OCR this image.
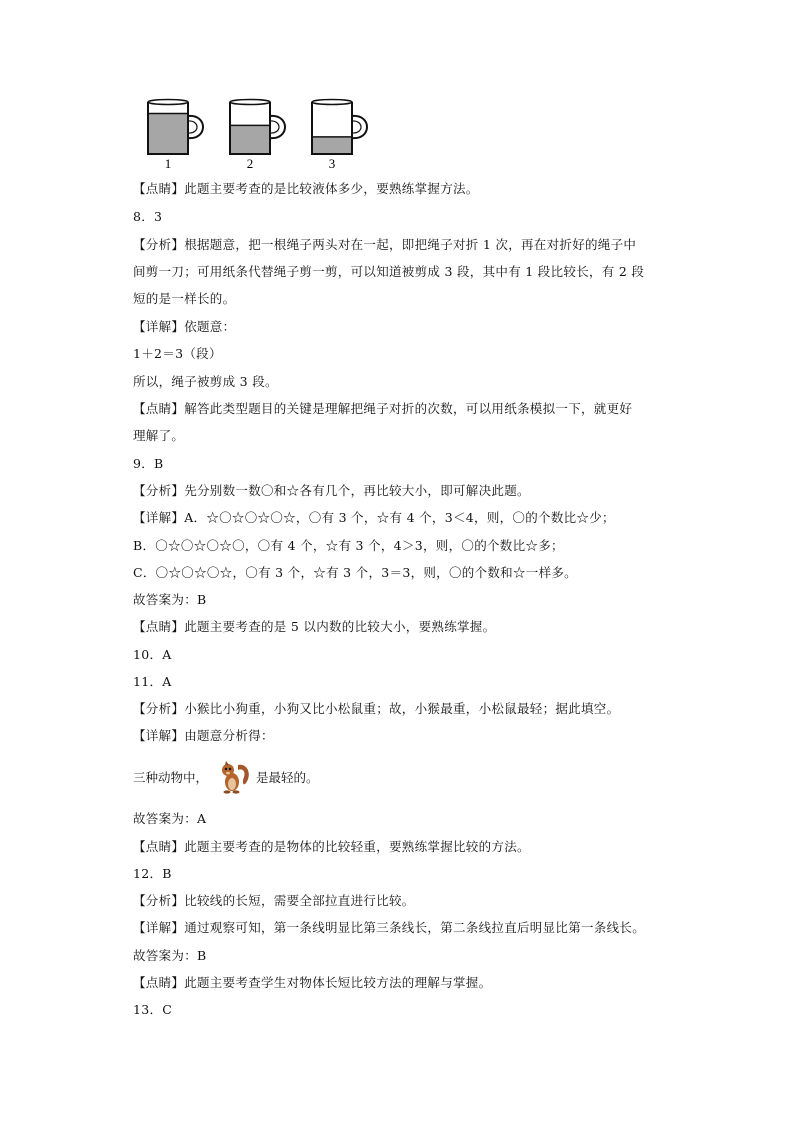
1	2	3
【点睛】此题主要考查的是比较液体多少，要熟练掌握方法。
8．3
【分析】根据题意，把一根绳子两头对在一起，即把绳子对折 1 次，再在对折好的绳子中
间剪一刀；可用纸条代替绳子剪一剪，可以知道被剪成 3 段，其中有 1 段比较长，有 2 段
短的是一样长的。
【详解】依题意：
1＋2＝3（段）
所以，绳子被剪成 3 段。
【点睛】解答此类型题目的关键是理解把绳子对折的次数，可以用纸条模拟一下，就更好
理解了。
9．B
【分析】先分别数一数〇和☆各有几个，再比较大小，即可解决此题。
【详解】A．☆〇☆〇☆〇☆，〇有 3 个，☆有 4 个，3＜4，则，〇的个数比☆少；
B．〇☆〇☆〇☆〇，〇有 4 个，☆有 3 个，4＞3，则，〇的个数比☆多；
C．〇☆〇☆〇☆，〇有 3 个，☆有 3 个，3＝3，则，〇的个数和☆一样多。
故答案为：B
【点睛】此题主要考查的是 5 以内数的比较大小，要熟练掌握。
10．A
11．A
【分析】小猴比小狗重，小狗又比小松鼠重；故，小猴最重，小松鼠最轻；据此填空。
【详解】由题意分析得：
三种动物中，	是最轻的。
故答案为：A
【点睛】此题主要考查的是物体的比较轻重，要熟练掌握比较的方法。
12．B
【分析】比较线的长短，需要全部拉直进行比较。
【详解】通过观察可知，第一条线明显比第三条线长，第二条线拉直后明显比第一条线长。
故答案为：B
【点睛】此题主要考查学生对物体长短比较方法的理解与掌握。
13．C
